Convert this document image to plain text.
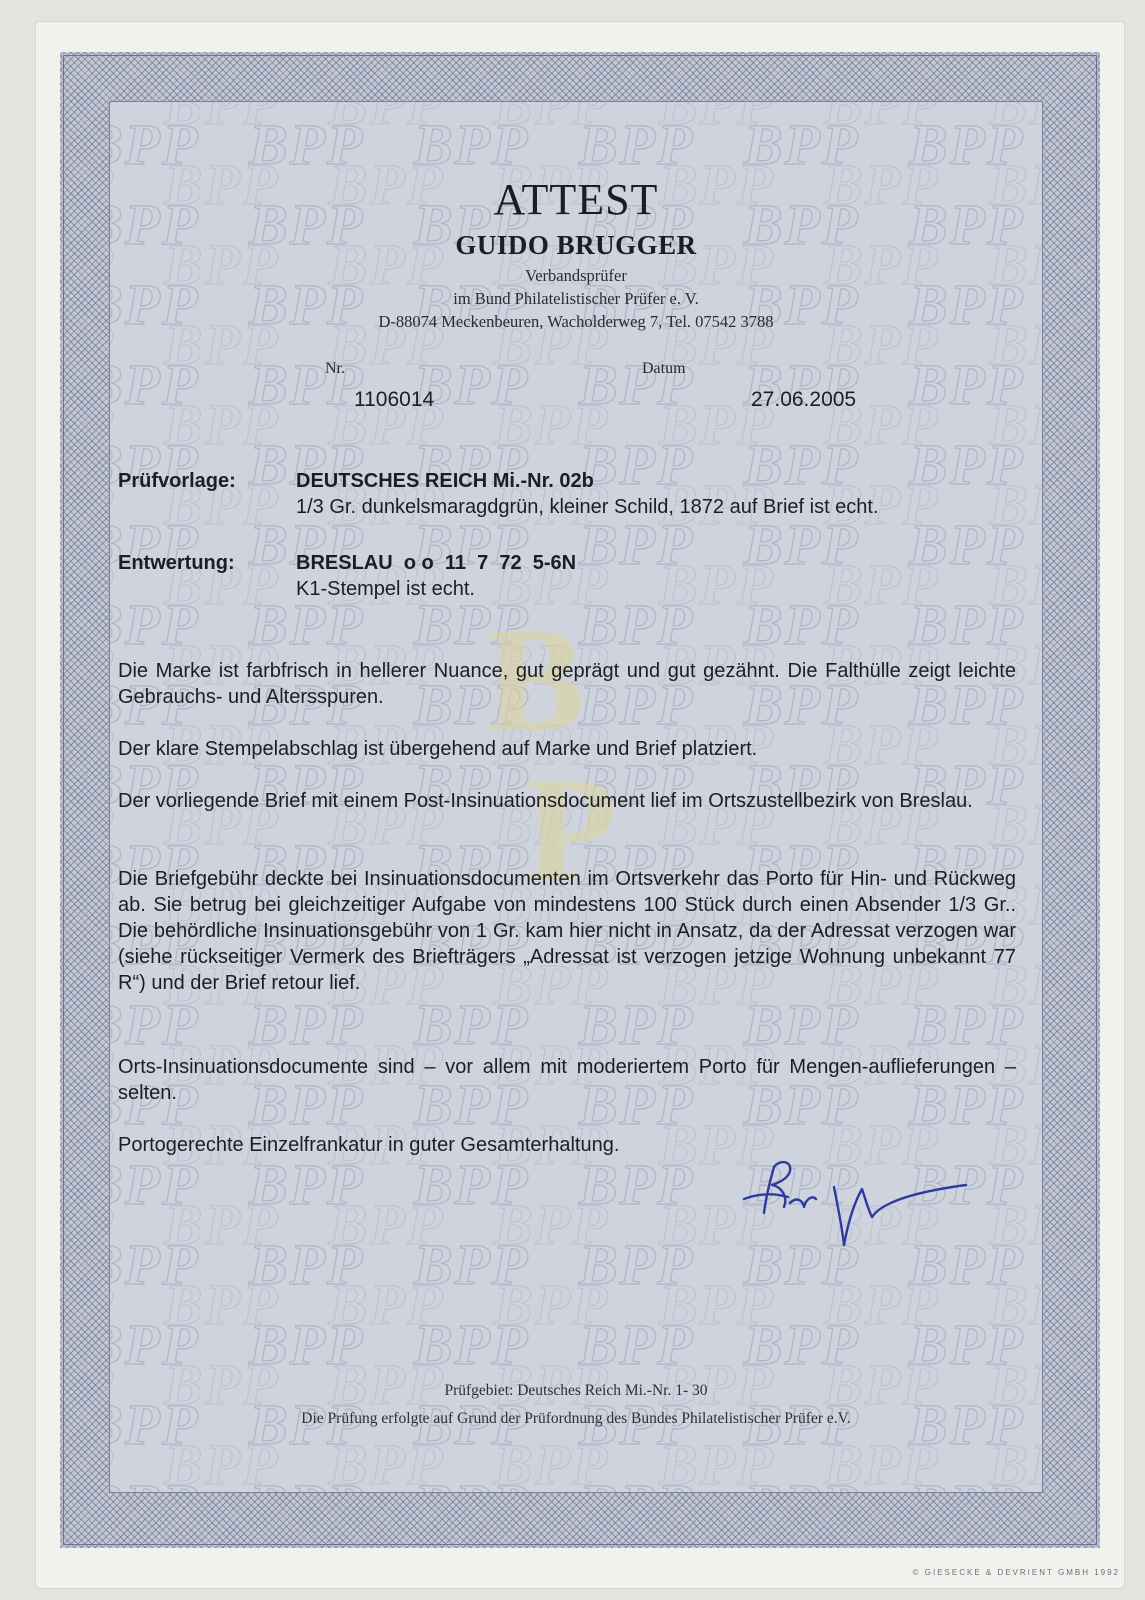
B
P
ATTEST
GUIDO BRUGGER
Verbandsprüfer
im Bund Philatelistischer Prüfer e. V.
D-88074 Meckenbeuren, Wacholderweg 7, Tel. 07542 3788
Nr.
1106014
Datum
27.06.2005
Prüfvorlage:	DEUTSCHES REICH Mi.-Nr. 02b
1/3 Gr. dunkelsmaragdgrün, kleiner Schild, 1872 auf Brief ist echt.
Entwertung:	BRESLAU  o o  11  7  72  5-6N
K1-Stempel ist echt.
Die Marke ist farbfrisch in hellerer Nuance, gut geprägt und gut gezähnt. Die Falthülle zeigt leichte Gebrauchs- und Altersspuren.
Der klare Stempelabschlag ist übergehend auf Marke und Brief platziert.
Der vorliegende Brief mit einem Post-Insinuationsdocument lief im Ortszustellbezirk von Breslau.
Die Briefgebühr deckte bei Insinuationsdocumenten im Ortsverkehr das Porto für Hin- und Rückweg ab. Sie betrug bei gleichzeitiger Aufgabe von mindestens 100 Stück durch einen Absender 1/3 Gr.. Die behördliche Insinuationsgebühr von 1 Gr. kam hier nicht in Ansatz, da der Adressat verzogen war (siehe rückseitiger Vermerk des Briefträgers „Adressat ist verzogen jetzige Wohnung unbekannt 77 R“) und der Brief retour lief.
Orts-Insinuationsdocumente sind – vor allem mit moderiertem Porto für Mengen-auflieferungen – selten.
Portogerechte Einzelfrankatur in guter Gesamterhaltung.
Prüfgebiet: Deutsches Reich Mi.-Nr. 1- 30
Die Prüfung erfolgte auf Grund der Prüfordnung des Bundes Philatelistischer Prüfer e.V.
© GIESECKE & DEVRIENT GMBH 1992
